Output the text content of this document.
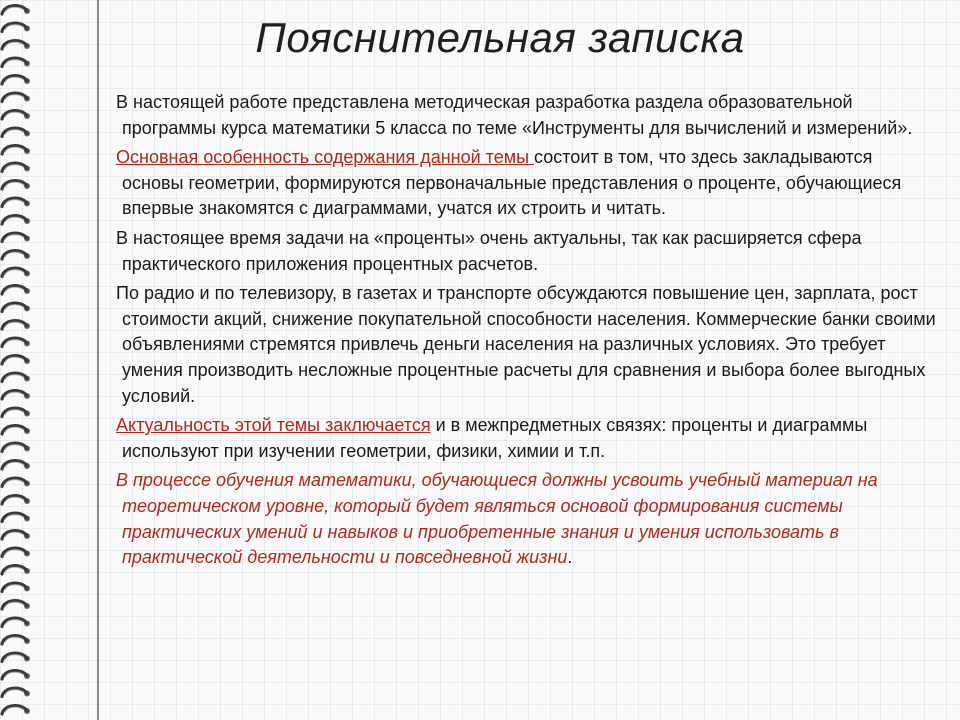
Пояснительная записка

В настоящей работе представлена методическая разработка раздела образовательной программы курса математики 5 класса по теме «Инструменты для вычислений и измерений».

Основная особенность содержания данной темы состоит в том, что здесь закладываются основы геометрии, формируются первоначальные представления о проценте, обучающиеся впервые знакомятся с диаграммами, учатся их строить и читать.

В настоящее время задачи на «проценты» очень актуальны, так как расширяется сфера практического приложения процентных расчетов.

По радио и по телевизору, в газетах и транспорте обсуждаются повышение цен, зарплата, рост стоимости акций, снижение покупательной способности населения. Коммерческие банки своими объявлениями стремятся привлечь деньги населения на различных условиях. Это требует умения производить несложные процентные расчеты для сравнения и выбора более выгодных условий.

Актуальность этой темы заключается и в межпредметных связях: проценты и диаграммы используют при изучении геометрии, физики, химии и т.п.

В процессе обучения математики, обучающиеся должны усвоить учебный материал на теоретическом уровне, который будет являться основой формирования системы практических умений и навыков и приобретенные знания и умения использовать в практической деятельности и повседневной жизни.
